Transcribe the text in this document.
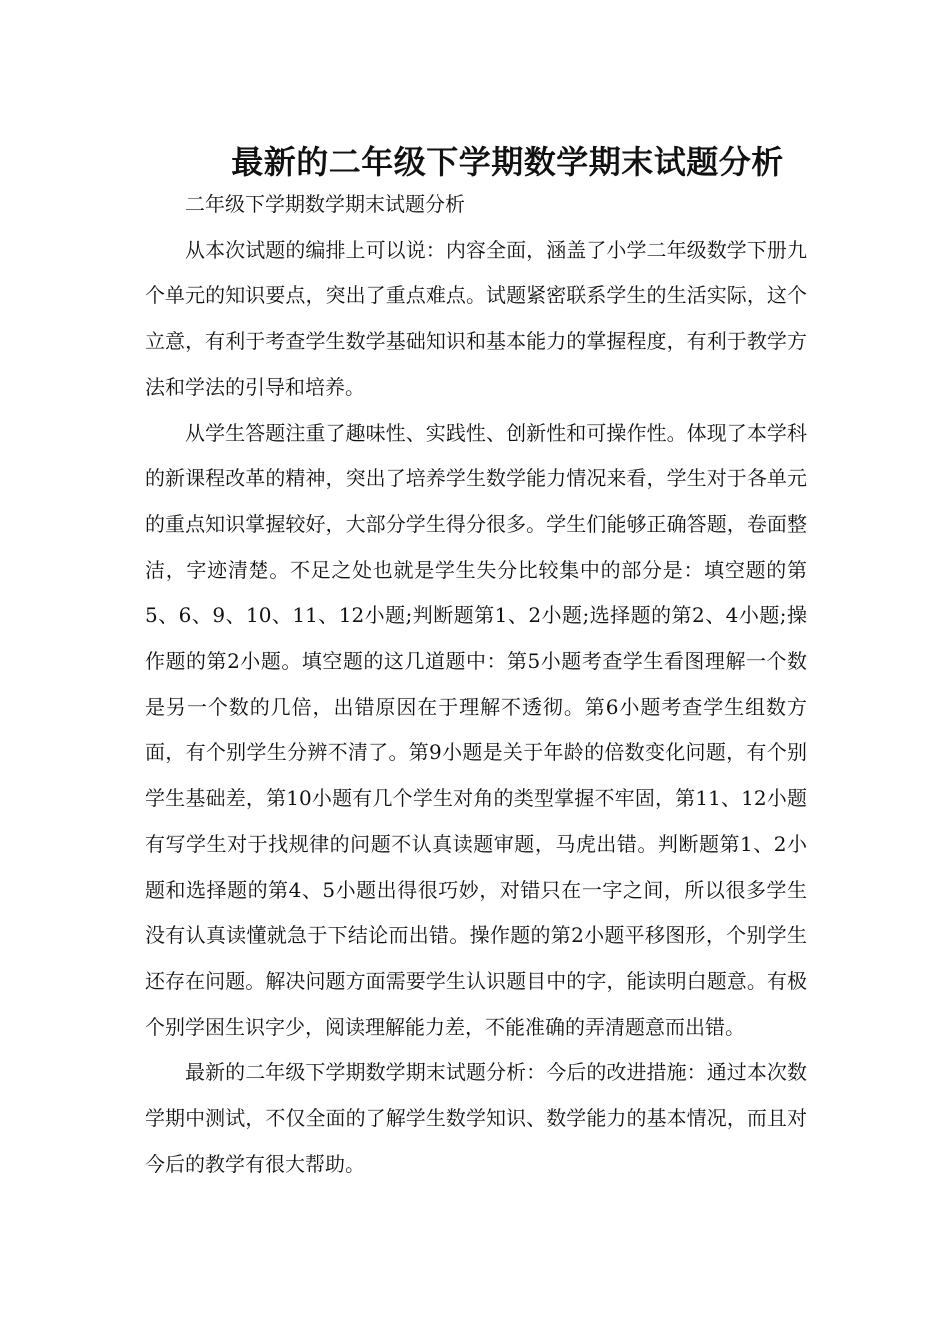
最新的二年级下学期数学期末试题分析

二年级下学期数学期末试题分析

从本次试题的编排上可以说：内容全面，涵盖了小学二年级数学下册九个单元的知识要点，突出了重点难点。试题紧密联系学生的生活实际，这个立意，有利于考查学生数学基础知识和基本能力的掌握程度，有利于教学方法和学法的引导和培养。

从学生答题注重了趣味性、实践性、创新性和可操作性。体现了本学科的新课程改革的精神，突出了培养学生数学能力情况来看，学生对于各单元的重点知识掌握较好，大部分学生得分很多。学生们能够正确答题，卷面整洁，字迹清楚。不足之处也就是学生失分比较集中的部分是：填空题的第5、6、9、10、11、12小题;判断题第1、2小题;选择题的第2、4小题;操作题的第2小题。填空题的这几道题中：第5小题考查学生看图理解一个数是另一个数的几倍，出错原因在于理解不透彻。第6小题考查学生组数方面，有个别学生分辨不清了。第9小题是关于年龄的倍数变化问题，有个别学生基础差，第10小题有几个学生对角的类型掌握不牢固，第11、12小题有写学生对于找规律的问题不认真读题审题，马虎出错。判断题第1、2小题和选择题的第4、5小题出得很巧妙，对错只在一字之间，所以很多学生没有认真读懂就急于下结论而出错。操作题的第2小题平移图形，个别学生还存在问题。解决问题方面需要学生认识题目中的字，能读明白题意。有极个别学困生识字少，阅读理解能力差，不能准确的弄清题意而出错。

最新的二年级下学期数学期末试题分析：今后的改进措施：通过本次数学期中测试，不仅全面的了解学生数学知识、数学能力的基本情况，而且对今后的教学有很大帮助。
